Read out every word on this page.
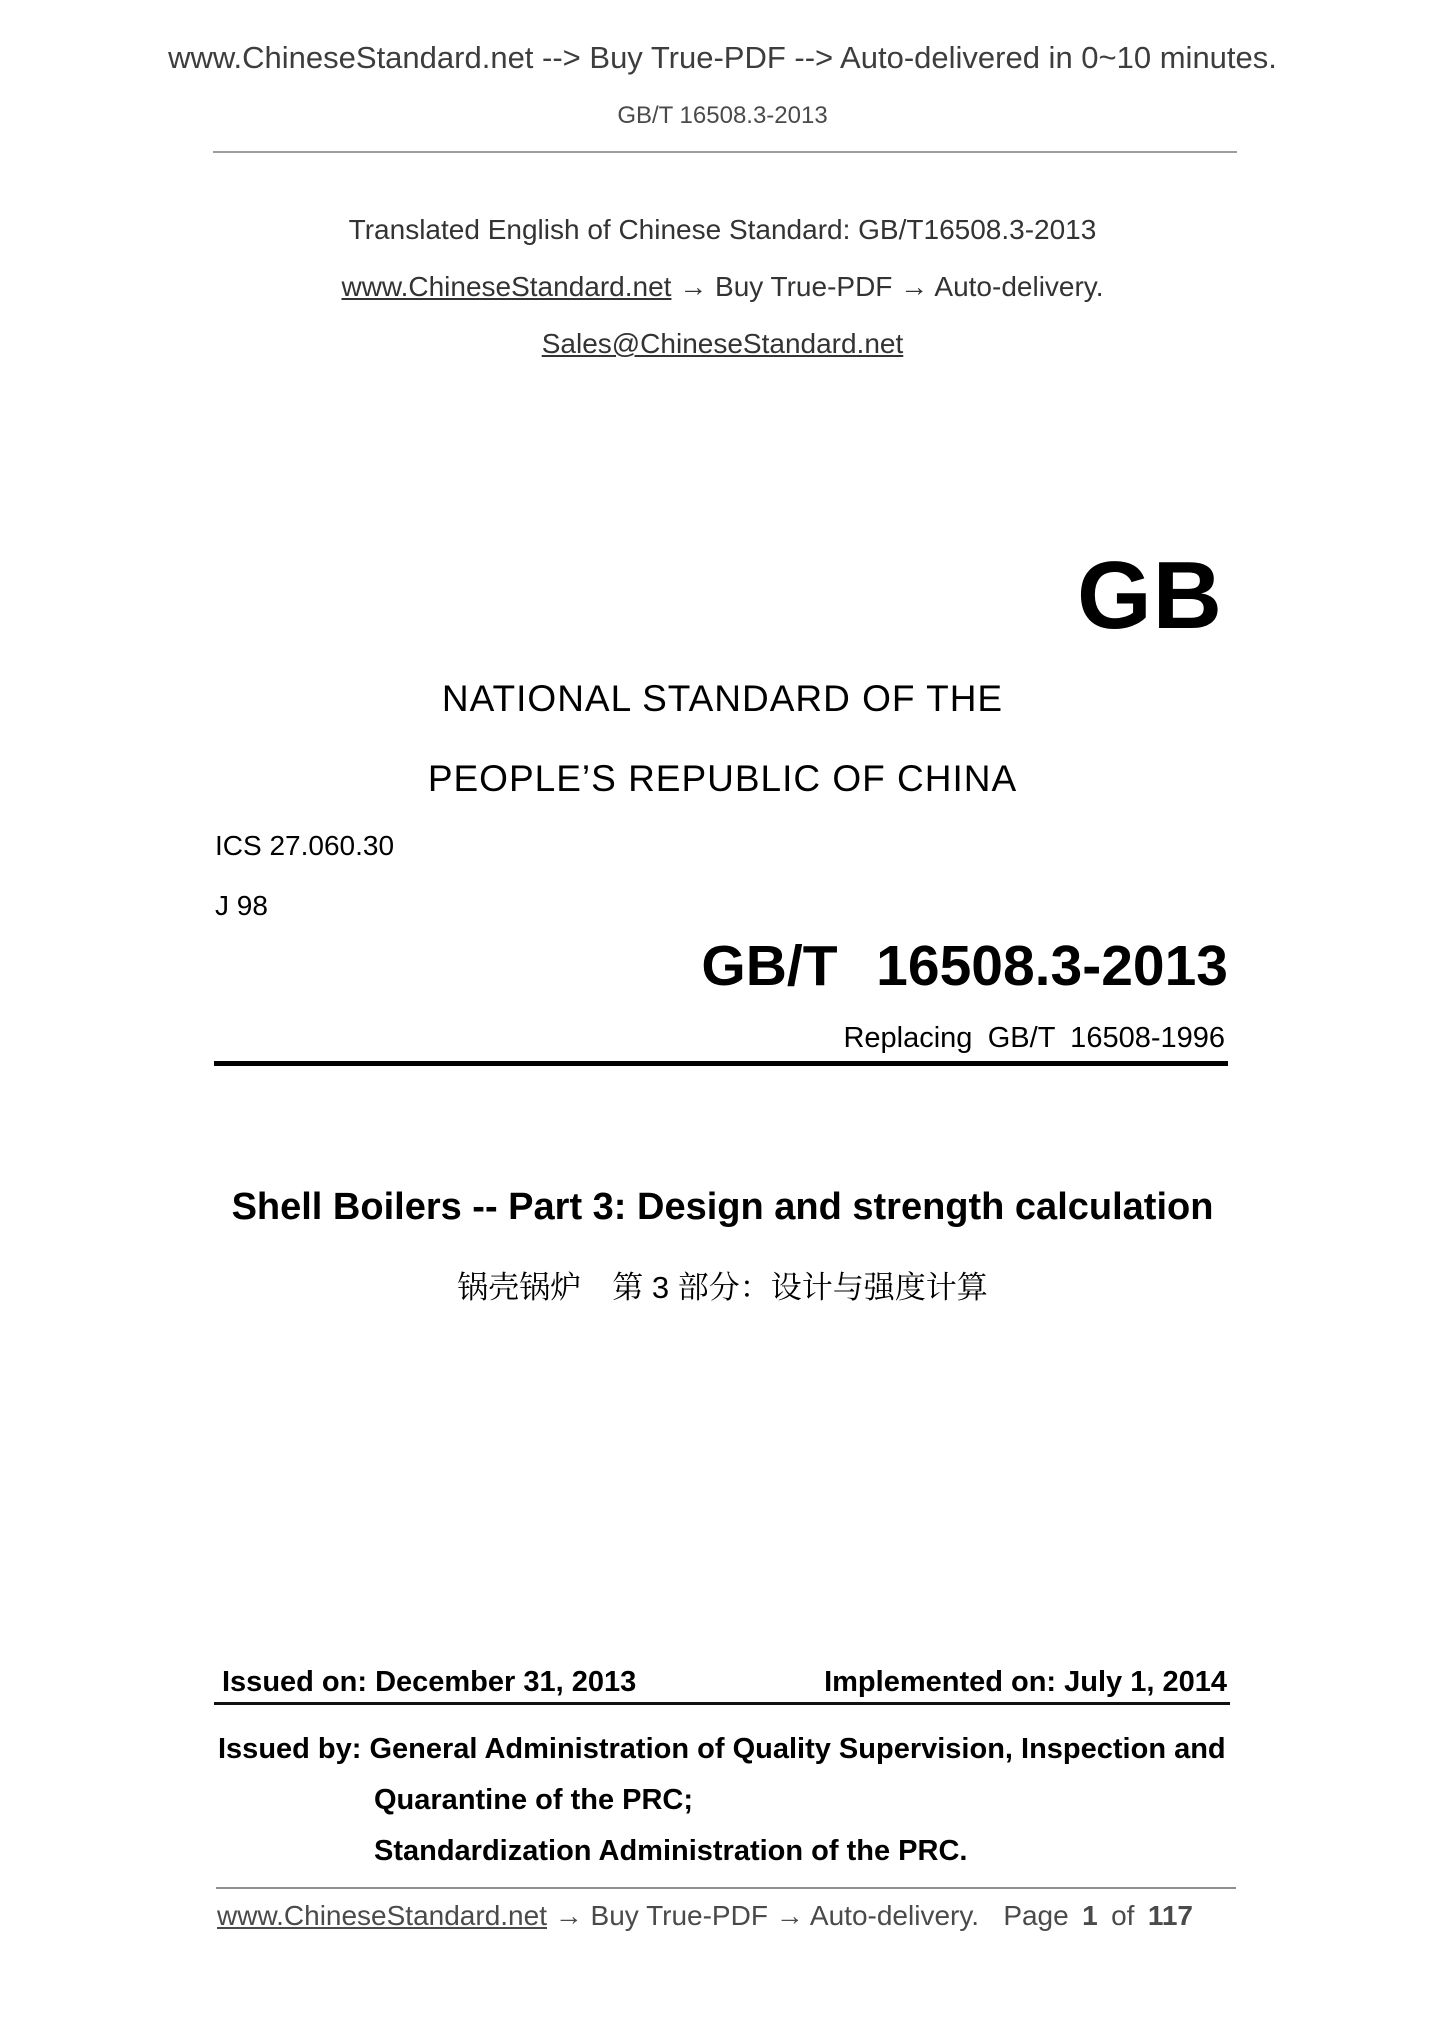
www.ChineseStandard.net --> Buy True-PDF --> Auto-delivered in 0~10 minutes.
GB/T 16508.3-2013
Translated English of Chinese Standard: GB/T16508.3-2013
www.ChineseStandard.net → Buy True-PDF → Auto-delivery.
Sales@ChineseStandard.net
GB
NATIONAL STANDARD OF THE
PEOPLE’S REPUBLIC OF CHINA
ICS 27.060.30
J 98
GB/T 16508.3-2013
Replacing GB/T 16508-1996
Shell Boilers -- Part 3: Design and strength calculation
锅壳锅炉　第 3 部分：设计与强度计算
Issued on: December 31, 2013	Implemented on: July 1, 2014
Issued by: General Administration of Quality Supervision, Inspection and
Quarantine of the PRC;
Standardization Administration of the PRC.
www.ChineseStandard.net → Buy True-PDF → Auto-delivery. Page 1 of 117
